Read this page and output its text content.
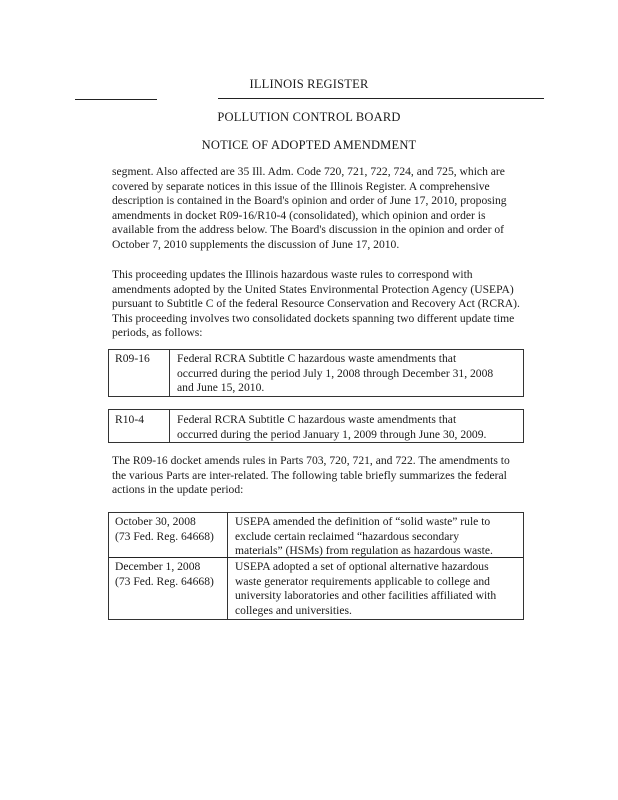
ILLINOIS REGISTER
POLLUTION CONTROL BOARD
NOTICE OF ADOPTED AMENDMENT
segment. Also affected are 35 Ill. Adm. Code 720, 721, 722, 724, and 725, which are
covered by separate notices in this issue of the Illinois Register. A comprehensive
description is contained in the Board's opinion and order of June 17, 2010, proposing
amendments in docket R09-16/R10-4 (consolidated), which opinion and order is
available from the address below. The Board's discussion in the opinion and order of
October 7, 2010 supplements the discussion of June 17, 2010.
This proceeding updates the Illinois hazardous waste rules to correspond with
amendments adopted by the United States Environmental Protection Agency (USEPA)
pursuant to Subtitle C of the federal Resource Conservation and Recovery Act (RCRA).
This proceeding involves two consolidated dockets spanning two different update time
periods, as follows:
R09-16 Federal RCRA Subtitle C hazardous waste amendments that
occurred during the period July 1, 2008 through December 31, 2008
and June 15, 2010.
R10-4	Federal RCRA Subtitle C hazardous waste amendments that
occurred during the period January 1, 2009 through June 30, 2009.
The R09-16 docket amends rules in Parts 703, 720, 721, and 722. The amendments to
the various Parts are inter-related. The following table briefly summarizes the federal
actions in the update period:
October 30, 2008
(73 Fed. Reg. 64668)
USEPA amended the definition of “solid waste” rule to
exclude certain reclaimed “hazardous secondary
materials” (HSMs) from regulation as hazardous waste.
December 1, 2008
(73 Fed. Reg. 64668)
USEPA adopted a set of optional alternative hazardous
waste generator requirements applicable to college and
university laboratories and other facilities affiliated with
colleges and universities.
